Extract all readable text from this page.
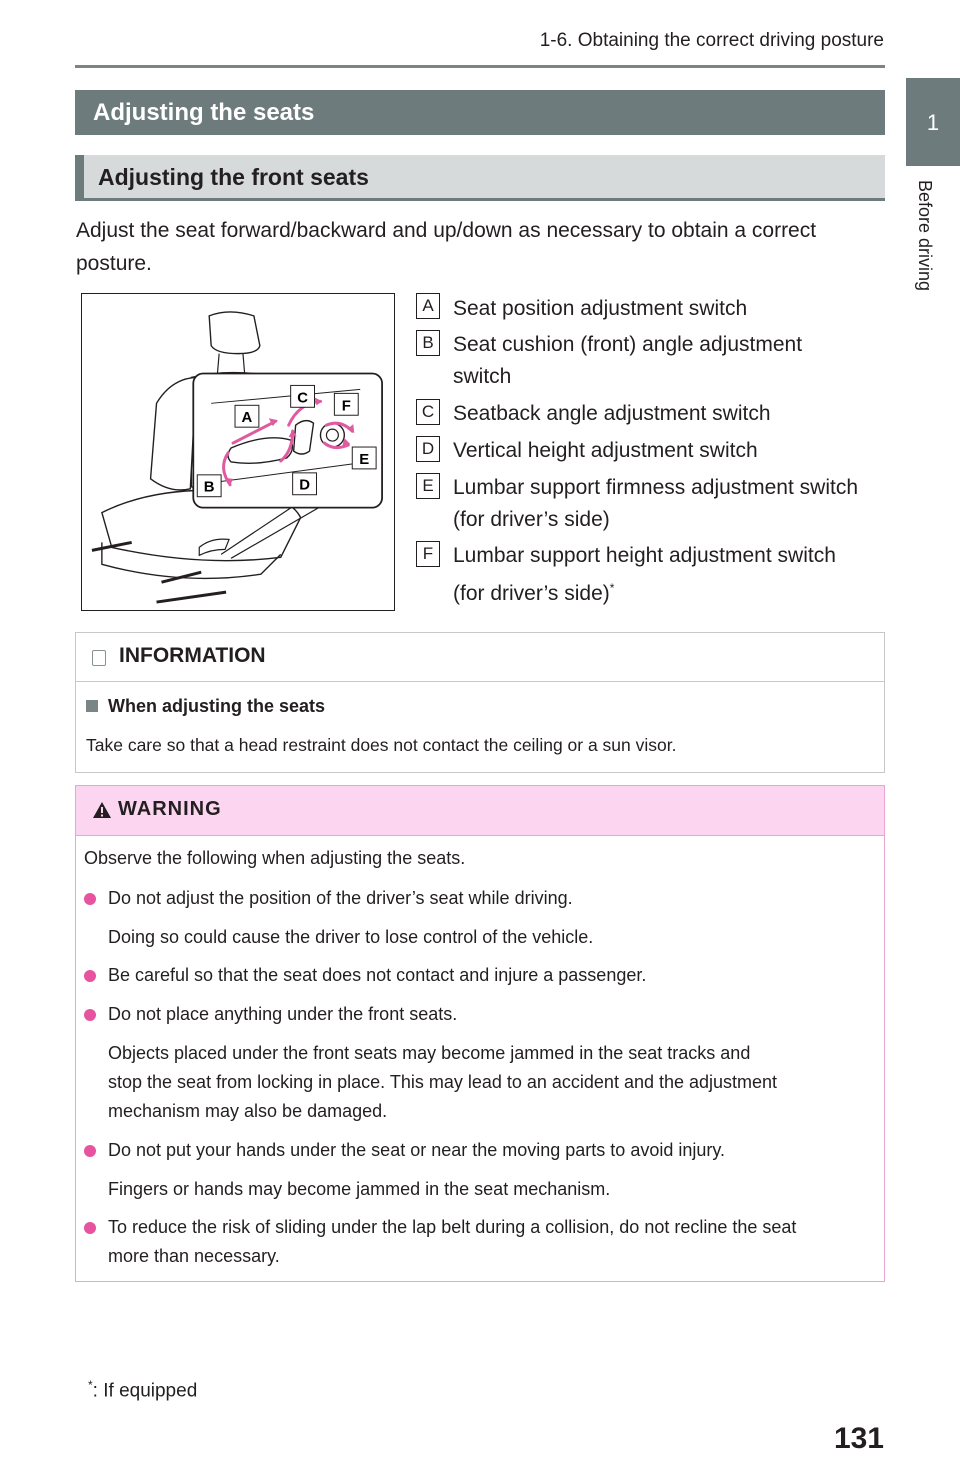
1-6. Obtaining the correct driving posture
1
Before driving
Adjusting the seats
Adjusting the front seats
Adjust the seat forward/backward and up/down as necessary to obtain a correct posture.
A
B
C
D
E
F
A Seat position adjustment switch
B Seat cushion (front) angle adjustment
switch
C Seatback angle adjustment switch
D Vertical height adjustment switch
E Lumbar support firmness adjustment switch
(for driver’s side)
F Lumbar support height adjustment switch
(for driver’s side)*
INFORMATION
When adjusting the seats
Take care so that a head restraint does not contact the ceiling or a sun visor.
WARNING
Observe the following when adjusting the seats.
Do not adjust the position of the driver’s seat while driving.
Doing so could cause the driver to lose control of the vehicle.
Be careful so that the seat does not contact and injure a passenger.
Do not place anything under the front seats.
Objects placed under the front seats may become jammed in the seat tracks and
stop the seat from locking in place. This may lead to an accident and the adjustment
mechanism may also be damaged.
Do not put your hands under the seat or near the moving parts to avoid injury.
Fingers or hands may become jammed in the seat mechanism.
To reduce the risk of sliding under the lap belt during a collision, do not recline the seat
more than necessary.
*: If equipped
131
